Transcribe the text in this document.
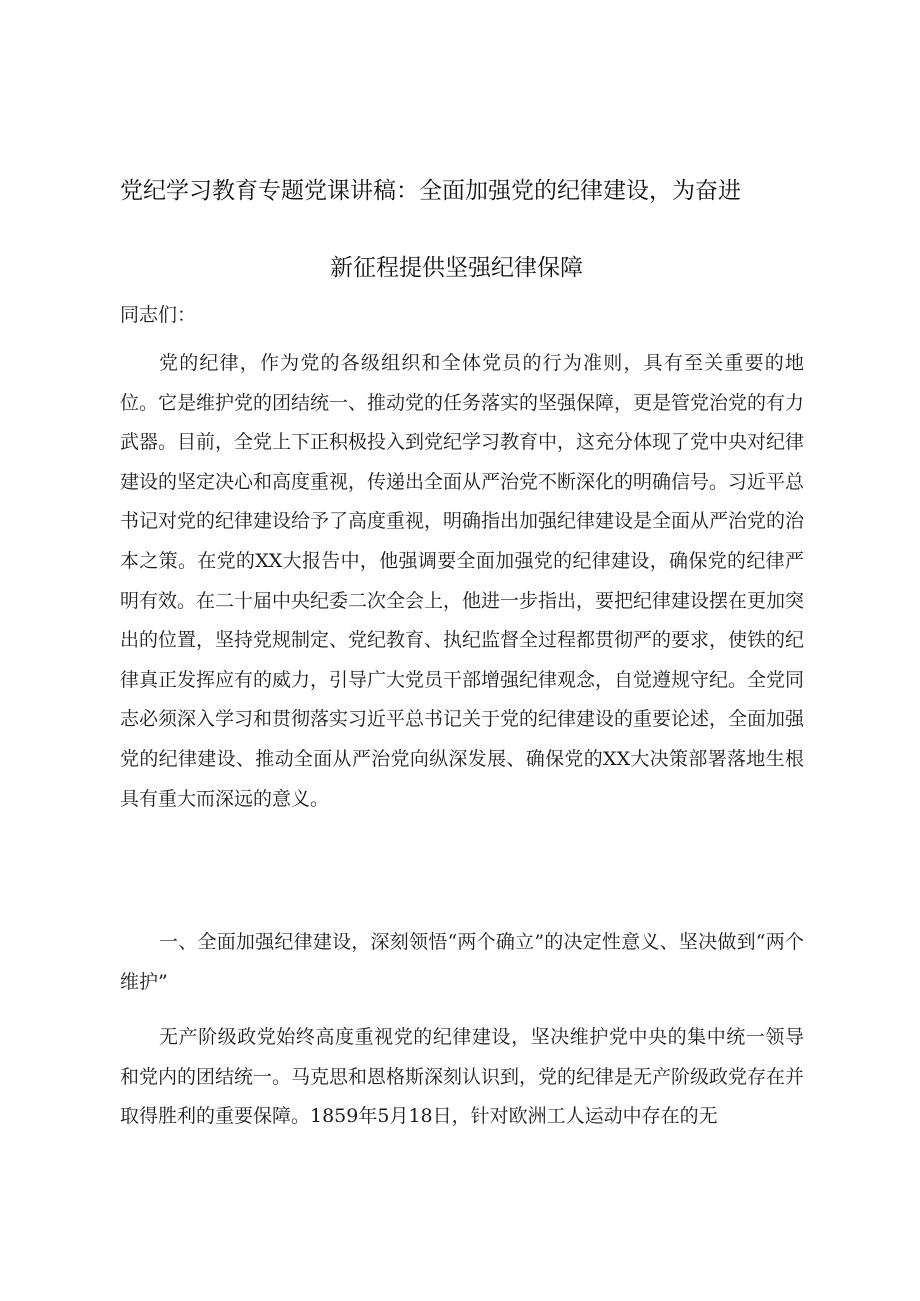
党纪学习教育专题党课讲稿：全面加强党的纪律建设，为奋进
新征程提供坚强纪律保障
同志们：
党的纪律，作为党的各级组织和全体党员的行为准则，具有至关重要的地位。它是维护党的团结统一、推动党的任务落实的坚强保障，更是管党治党的有力武器。目前，全党上下正积极投入到党纪学习教育中，这充分体现了党中央对纪律建设的坚定决心和高度重视，传递出全面从严治党不断深化的明确信号。习近平总书记对党的纪律建设给予了高度重视，明确指出加强纪律建设是全面从严治党的治本之策。在党的XX大报告中，他强调要全面加强党的纪律建设，确保党的纪律严明有效。在二十届中央纪委二次全会上，他进一步指出，要把纪律建设摆在更加突出的位置，坚持党规制定、党纪教育、执纪监督全过程都贯彻严的要求，使铁的纪律真正发挥应有的威力，引导广大党员干部增强纪律观念，自觉遵规守纪。全党同志必须深入学习和贯彻落实习近平总书记关于党的纪律建设的重要论述，全面加强党的纪律建设、推动全面从严治党向纵深发展、确保党的XX大决策部署落地生根具有重大而深远的意义。
一、全面加强纪律建设，深刻领悟“两个确立”的决定性意义、坚决做到“两个维护”
无产阶级政党始终高度重视党的纪律建设，坚决维护党中央的集中统一领导和党内的团结统一。马克思和恩格斯深刻认识到，党的纪律是无产阶级政党存在并取得胜利的重要保障。1859年5月18日，针对欧洲工人运动中存在的无
